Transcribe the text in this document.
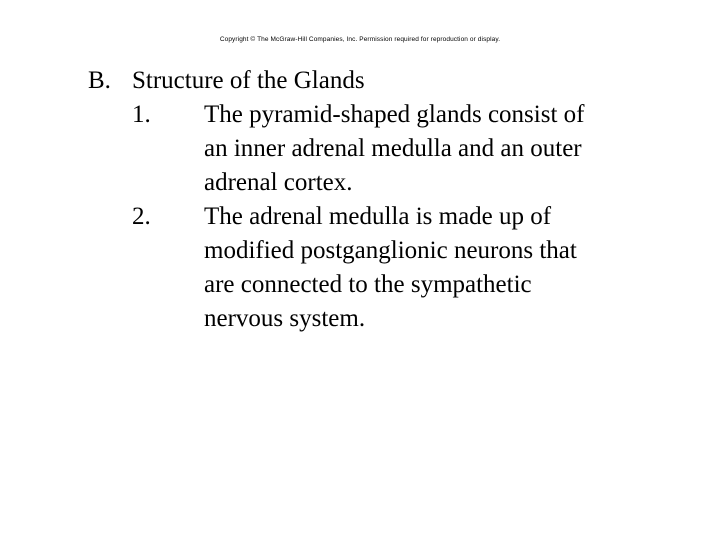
Copyright © The McGraw-Hill Companies, Inc. Permission required for reproduction or display.
B. Structure of the Glands
1.	The pyramid-shaped glands consist of
an inner adrenal medulla and an outer
adrenal cortex.
2.	The adrenal medulla is made up of
modified postganglionic neurons that
are connected to the sympathetic
nervous system.
